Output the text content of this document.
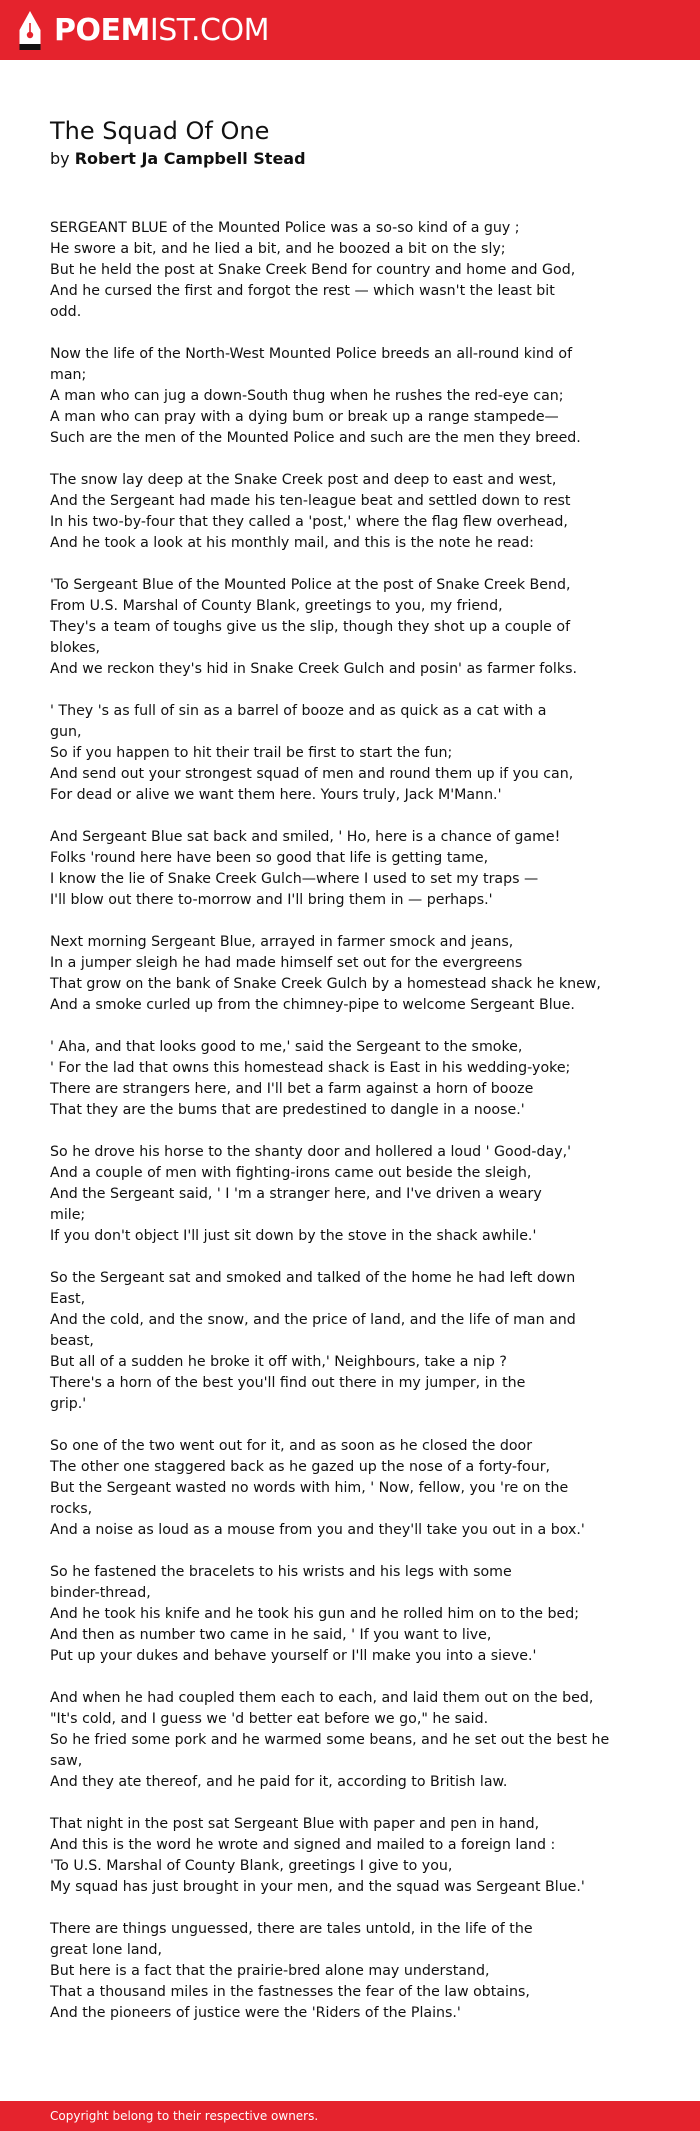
POEMIST.COM
The Squad Of One
by Robert Ja Campbell Stead

SERGEANT BLUE of the Mounted Police was a so-so kind of a guy ;
He swore a bit, and he lied a bit, and he boozed a bit on the sly;
But he held the post at Snake Creek Bend for country and home and God,
And he cursed the first and forgot the rest — which wasn't the least bit
odd.

Now the life of the North-West Mounted Police breeds an all-round kind of
man;
A man who can jug a down-South thug when he rushes the red-eye can;
A man who can pray with a dying bum or break up a range stampede—
Such are the men of the Mounted Police and such are the men they breed.

The snow lay deep at the Snake Creek post and deep to east and west,
And the Sergeant had made his ten-league beat and settled down to rest
In his two-by-four that they called a 'post,' where the flag flew overhead,
And he took a look at his monthly mail, and this is the note he read:

'To Sergeant Blue of the Mounted Police at the post of Snake Creek Bend,
From U.S. Marshal of County Blank, greetings to you, my friend,
They's a team of toughs give us the slip, though they shot up a couple of
blokes,
And we reckon they's hid in Snake Creek Gulch and posin' as farmer folks.

' They 's as full of sin as a barrel of booze and as quick as a cat with a
gun,
So if you happen to hit their trail be first to start the fun;
And send out your strongest squad of men and round them up if you can,
For dead or alive we want them here. Yours truly, Jack M'Mann.'

And Sergeant Blue sat back and smiled, ' Ho, here is a chance of game!
Folks 'round here have been so good that life is getting tame,
I know the lie of Snake Creek Gulch—where I used to set my traps —
I'll blow out there to-morrow and I'll bring them in — perhaps.'

Next morning Sergeant Blue, arrayed in farmer smock and jeans,
In a jumper sleigh he had made himself set out for the evergreens
That grow on the bank of Snake Creek Gulch by a homestead shack he knew,
And a smoke curled up from the chimney-pipe to welcome Sergeant Blue.

' Aha, and that looks good to me,' said the Sergeant to the smoke,
' For the lad that owns this homestead shack is East in his wedding-yoke;
There are strangers here, and I'll bet a farm against a horn of booze
That they are the bums that are predestined to dangle in a noose.'

So he drove his horse to the shanty door and hollered a loud ' Good-day,'
And a couple of men with fighting-irons came out beside the sleigh,
And the Sergeant said, ' I 'm a stranger here, and I've driven a weary
mile;
If you don't object I'll just sit down by the stove in the shack awhile.'

So the Sergeant sat and smoked and talked of the home he had left down
East,
And the cold, and the snow, and the price of land, and the life of man and
beast,
But all of a sudden he broke it off with,' Neighbours, take a nip ?
There's a horn of the best you'll find out there in my jumper, in the
grip.'

So one of the two went out for it, and as soon as he closed the door
The other one staggered back as he gazed up the nose of a forty-four,
But the Sergeant wasted no words with him, ' Now, fellow, you 're on the
rocks,
And a noise as loud as a mouse from you and they'll take you out in a box.'

So he fastened the bracelets to his wrists and his legs with some
binder-thread,
And he took his knife and he took his gun and he rolled him on to the bed;
And then as number two came in he said, ' If you want to live,
Put up your dukes and behave yourself or I'll make you into a sieve.'

And when he had coupled them each to each, and laid them out on the bed,
"It's cold, and I guess we 'd better eat before we go," he said.
So he fried some pork and he warmed some beans, and he set out the best he
saw,
And they ate thereof, and he paid for it, according to British law.

That night in the post sat Sergeant Blue with paper and pen in hand,
And this is the word he wrote and signed and mailed to a foreign land :
'To U.S. Marshal of County Blank, greetings I give to you,
My squad has just brought in your men, and the squad was Sergeant Blue.'

There are things unguessed, there are tales untold, in the life of the
great lone land,
But here is a fact that the prairie-bred alone may understand,
That a thousand miles in the fastnesses the fear of the law obtains,
And the pioneers of justice were the 'Riders of the Plains.'

Copyright belong to their respective owners.
